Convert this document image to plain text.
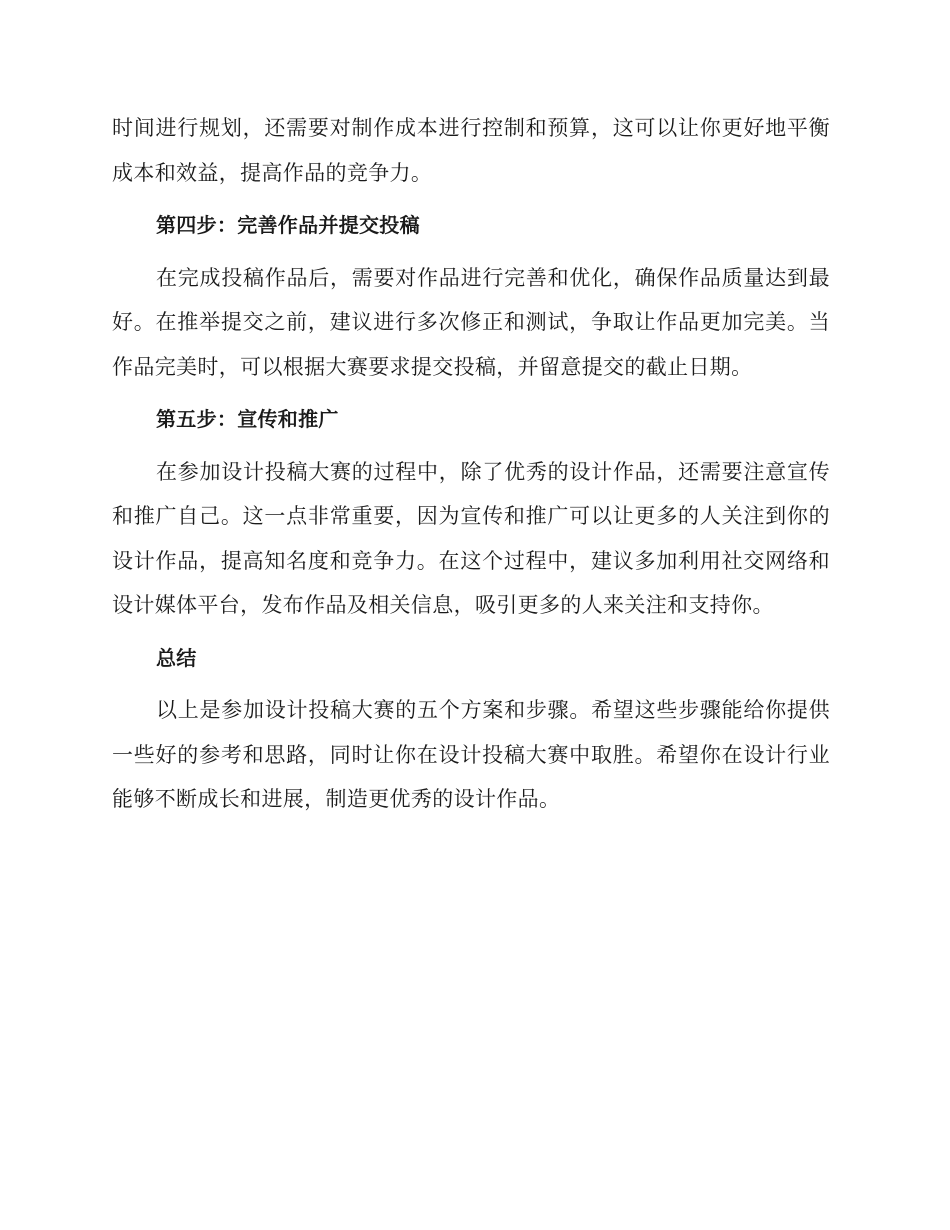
时间进行规划，还需要对制作成本进行控制和预算，这可以让你更好地平衡成本和效益，提高作品的竞争力。

第四步：完善作品并提交投稿

在完成投稿作品后，需要对作品进行完善和优化，确保作品质量达到最好。在推举提交之前，建议进行多次修正和测试，争取让作品更加完美。当作品完美时，可以根据大赛要求提交投稿，并留意提交的截止日期。

第五步：宣传和推广

在参加设计投稿大赛的过程中，除了优秀的设计作品，还需要注意宣传和推广自己。这一点非常重要，因为宣传和推广可以让更多的人关注到你的设计作品，提高知名度和竞争力。在这个过程中，建议多加利用社交网络和设计媒体平台，发布作品及相关信息，吸引更多的人来关注和支持你。

总结

以上是参加设计投稿大赛的五个方案和步骤。希望这些步骤能给你提供一些好的参考和思路，同时让你在设计投稿大赛中取胜。希望你在设计行业能够不断成长和进展，制造更优秀的设计作品。
